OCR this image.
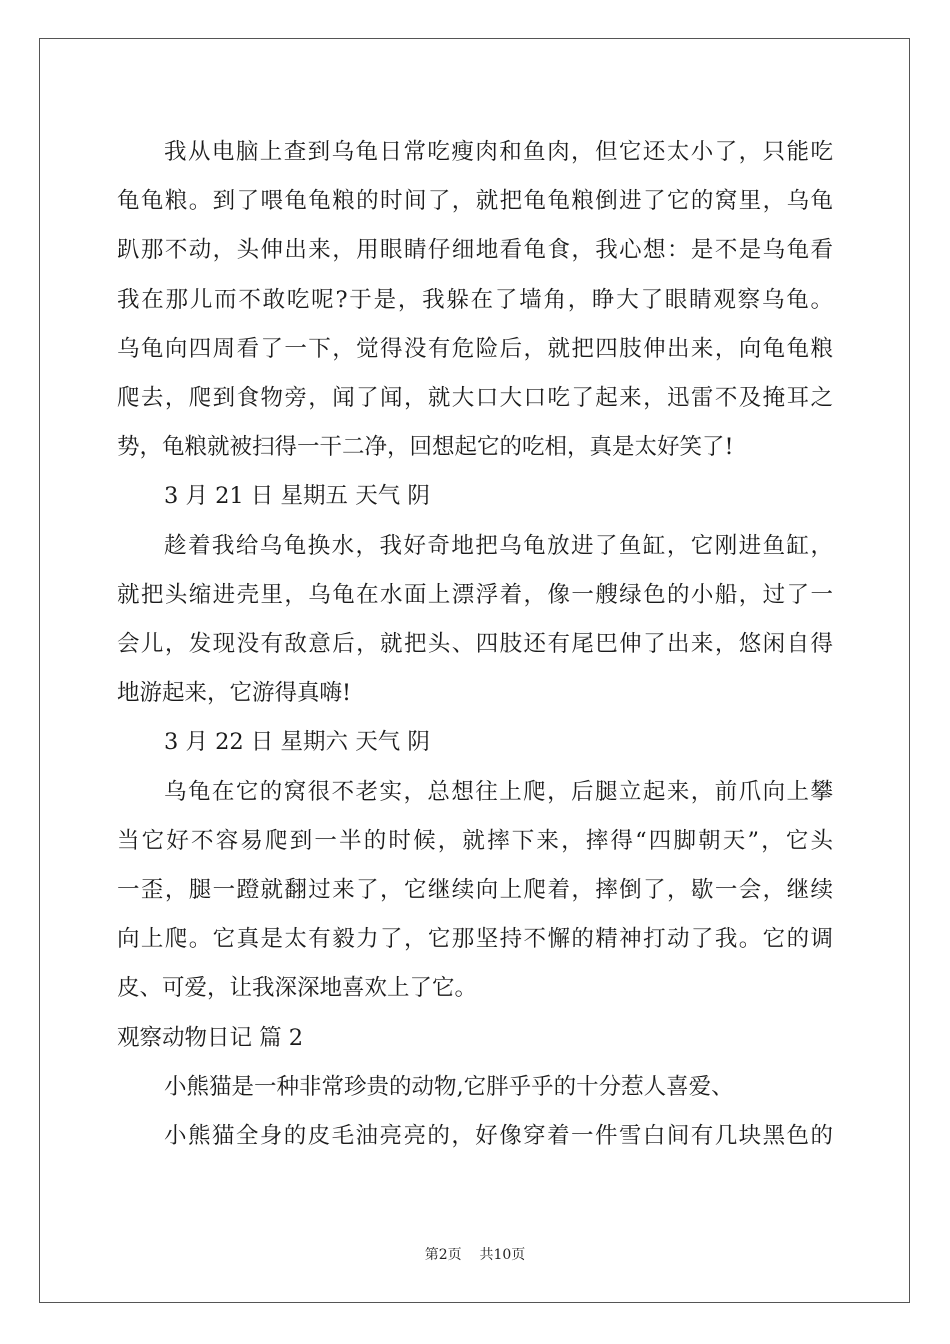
我从电脑上查到乌龟日常吃瘦肉和鱼肉，但它还太小了，只能吃
龟龟粮。到了喂龟龟粮的时间了，就把龟龟粮倒进了它的窝里，乌龟
趴那不动，头伸出来，用眼睛仔细地看龟食，我心想：是不是乌龟看
我在那儿而不敢吃呢?于是，我躲在了墙角，睁大了眼睛观察乌龟。
乌龟向四周看了一下，觉得没有危险后，就把四肢伸出来，向龟龟粮
爬去，爬到食物旁，闻了闻，就大口大口吃了起来，迅雷不及掩耳之
势，龟粮就被扫得一干二净，回想起它的吃相，真是太好笑了!
3 月 21 日 星期五 天气 阴
趁着我给乌龟换水，我好奇地把乌龟放进了鱼缸，它刚进鱼缸，
就把头缩进壳里，乌龟在水面上漂浮着，像一艘绿色的小船，过了一
会儿，发现没有敌意后，就把头、四肢还有尾巴伸了出来，悠闲自得
地游起来，它游得真嗨!
3 月 22 日 星期六 天气 阴
乌龟在它的窝很不老实，总想往上爬，后腿立起来，前爪向上攀
当它好不容易爬到一半的时候，就摔下来，摔得“四脚朝天”，它头
一歪，腿一蹬就翻过来了，它继续向上爬着，摔倒了，歇一会，继续
向上爬。它真是太有毅力了，它那坚持不懈的精神打动了我。它的调
皮、可爱，让我深深地喜欢上了它。
观察动物日记 篇 2
小熊猫是一种非常珍贵的动物,它胖乎乎的十分惹人喜爱、
小熊猫全身的皮毛油亮亮的，好像穿着一件雪白间有几块黑色的
第2页 共10页
